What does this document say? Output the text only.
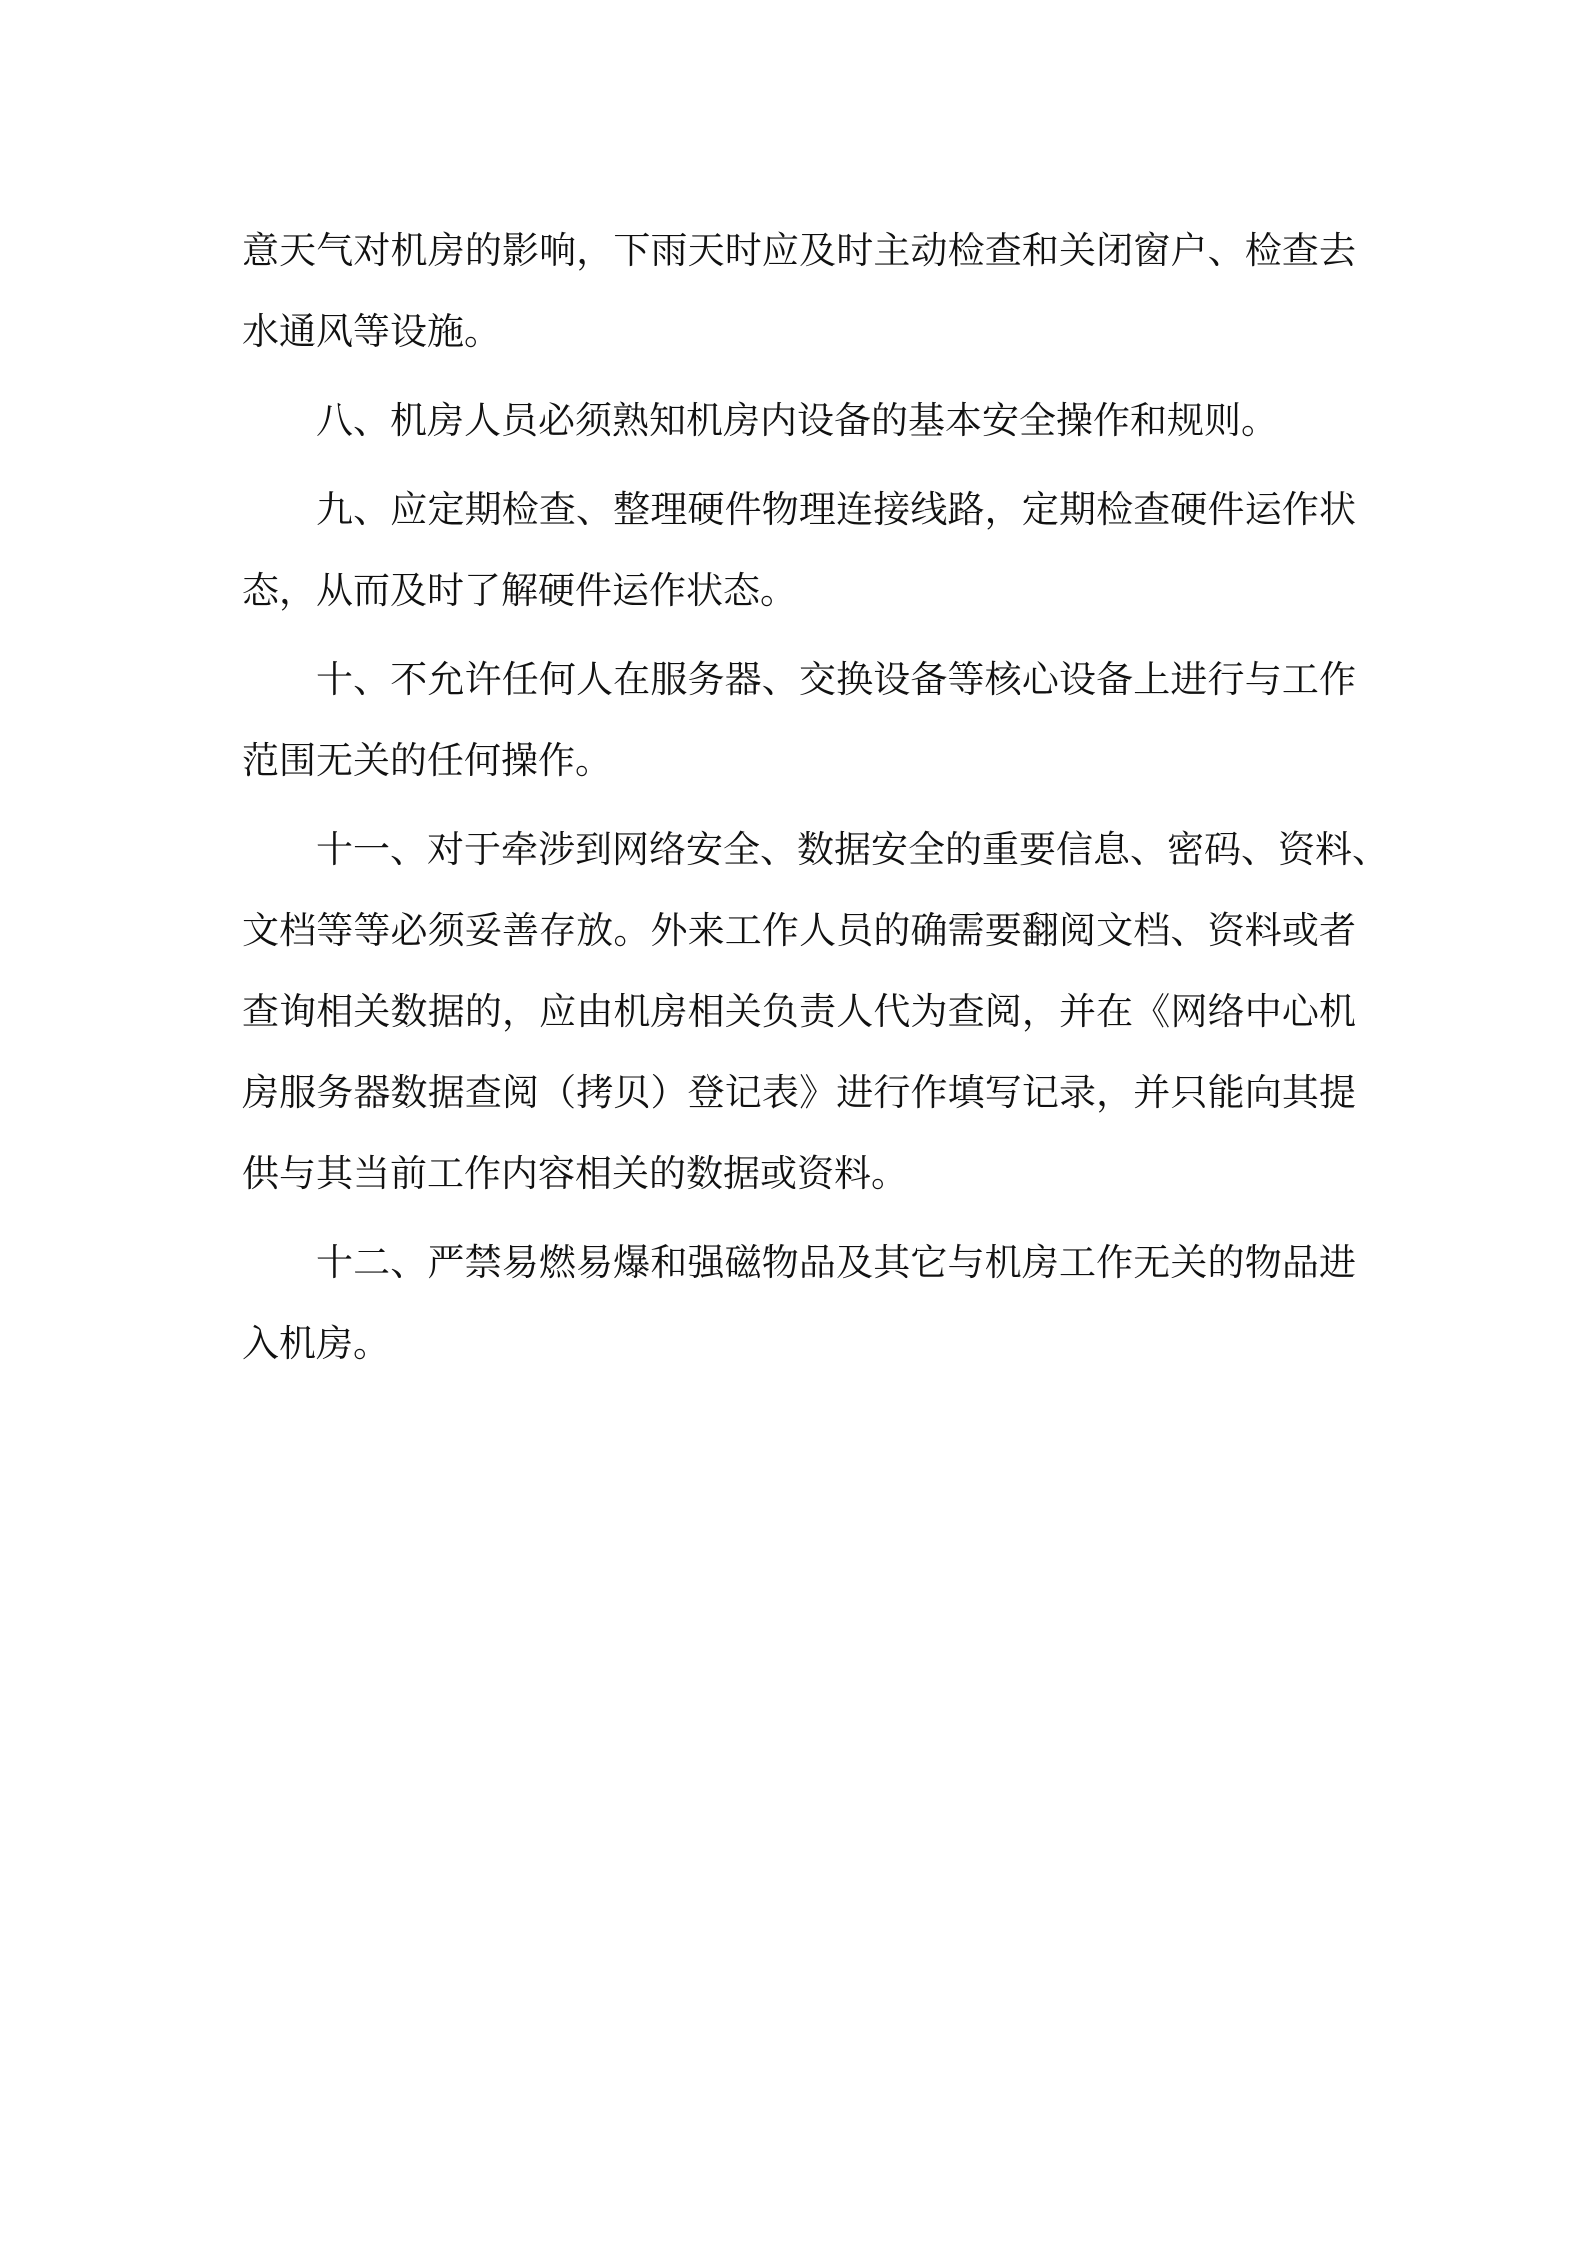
意天气对机房的影响，下雨天时应及时主动检查和关闭窗户、检查去
水通风等设施。
八、机房人员必须熟知机房内设备的基本安全操作和规则。
九、应定期检查、整理硬件物理连接线路，定期检查硬件运作状
态，从而及时了解硬件运作状态。
十、不允许任何人在服务器、交换设备等核心设备上进行与工作
范围无关的任何操作。
十一、对于牵涉到网络安全、数据安全的重要信息、密码、资料、
文档等等必须妥善存放。外来工作人员的确需要翻阅文档、资料或者
查询相关数据的，应由机房相关负责人代为查阅，并在《网络中心机
房服务器数据查阅（拷贝）登记表》进行作填写记录，并只能向其提
供与其当前工作内容相关的数据或资料。
十二、严禁易燃易爆和强磁物品及其它与机房工作无关的物品进
入机房。
